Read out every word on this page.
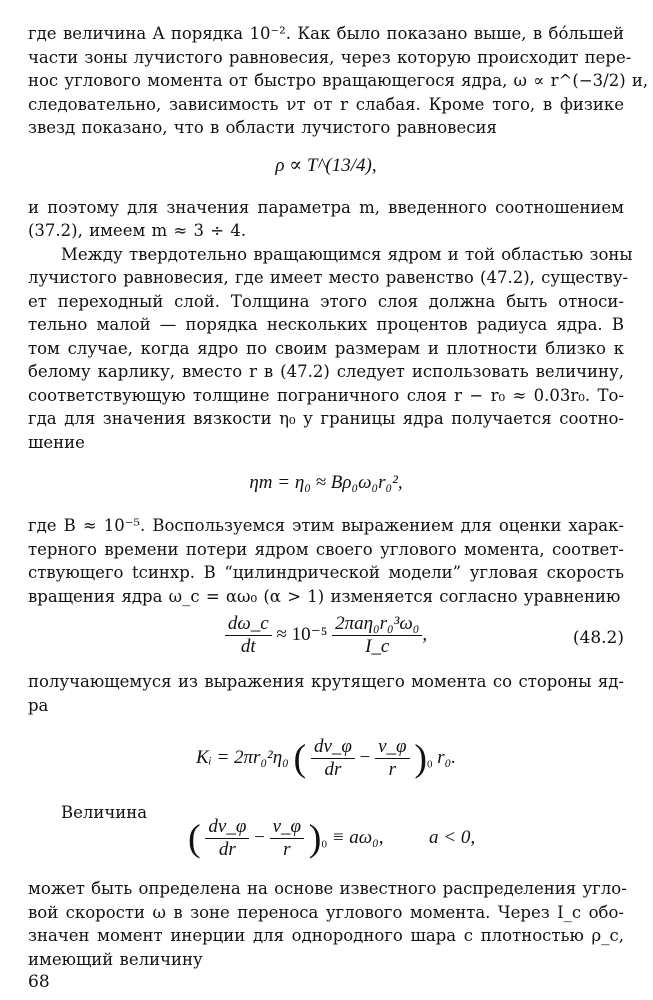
где величина A порядка 10⁻². Как было показано выше, в бо́льшей
части зоны лучистого равновесия, через которую происходит пере-
нос углового момента от быстро вращающегося ядра, ω ∝ r^(−3/2) и,
следовательно, зависимость νт от r слабая. Кроме того, в физике
звезд показано, что в области лучистого равновесия
ρ ∝ T^(13/4),
и поэтому для значения параметра m, введенного соотношением
(37.2), имеем m ≈ 3 ÷ 4.
Между твердотельно вращающимся ядром и той областью зоны
лучистого равновесия, где имеет место равенство (47.2), существу-
ет переходный слой. Толщина этого слоя должна быть относи-
тельно малой — порядка нескольких процентов радиуса ядра. В
том случае, когда ядро по своим размерам и плотности близко к
белому карлику, вместо r в (47.2) следует использовать величину,
соответствующую толщине пограничного слоя r − r₀ ≈ 0.03r₀. То-
гда для значения вязкости η₀ у границы ядра получается соотно-
шение
ηт = η₀ ≈ Bρ₀ω₀r₀²,
где B ≈ 10⁻⁵. Воспользуемся этим выражением для оценки харак-
терного времени потери ядром своего углового момента, соответ-
ствующего tсинхр. В “цилиндрической модели” угловая скорость
вращения ядра ω_c = αω₀ (α > 1) изменяется согласно уравнению
$\frac{d\omega\_c}{dt} \approx 10^{-5} \frac{\text{2πaη₀r₀³ω₀}}{I\_c}$ ,	(48.2)
получающемуся из выражения крутящего момента со стороны яд-
ра
Kᵢ = 2πr₀²η₀ ( $\frac{dv\_\varphi}{dr} - \frac{v\_\varphi}{r} )_0$ r₀.
Величина
( $\frac{dv\_\varphi}{dr} - \frac{v\_\varphi}{r} )_0 \equiv a\omega_0$, a < 0,
может быть определена на основе известного распределения угло-
вой скорости ω в зоне переноса углового момента. Через I_c обо-
значен момент инерции для однородного шара с плотностью ρ_c,
имеющий величину
68
